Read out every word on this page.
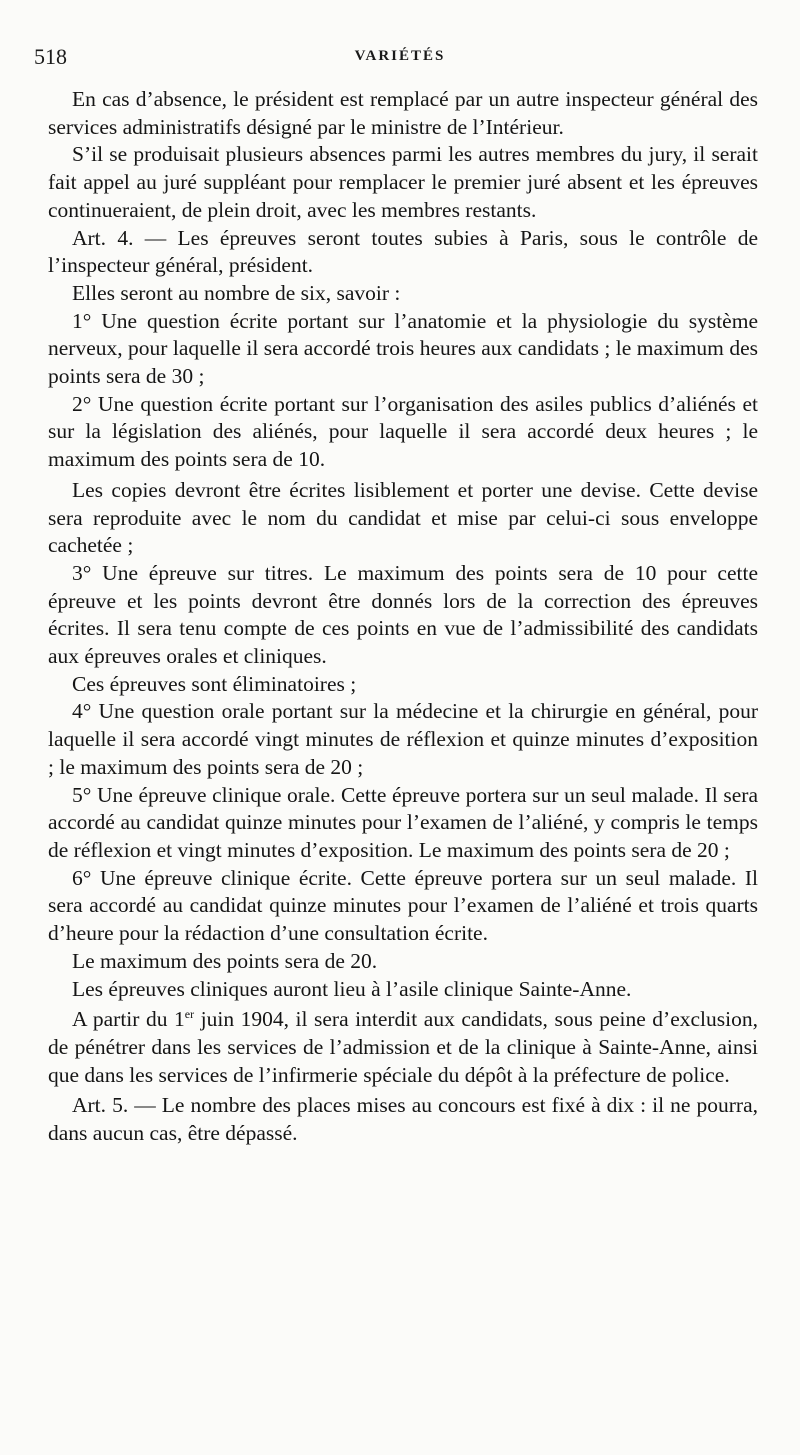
518	VARIÉTÉS

En cas d’absence, le président est remplacé par un autre inspecteur général des services administratifs désigné par le ministre de l’Intérieur.

S’il se produisait plusieurs absences parmi les autres membres du jury, il serait fait appel au juré suppléant pour remplacer le premier juré absent et les épreuves continueraient, de plein droit, avec les membres restants.

Art. 4. — Les épreuves seront toutes subies à Paris, sous le contrôle de l’inspecteur général, président.

Elles seront au nombre de six, savoir :

1° Une question écrite portant sur l’anatomie et la physiologie du système nerveux, pour laquelle il sera accordé trois heures aux candidats ; le maximum des points sera de 30 ;

2° Une question écrite portant sur l’organisation des asiles publics d’aliénés et sur la législation des aliénés, pour laquelle il sera accordé deux heures ; le maximum des points sera de 10.

Les copies devront être écrites lisiblement et porter une devise. Cette devise sera reproduite avec le nom du candidat et mise par celui-ci sous enveloppe cachetée ;

3° Une épreuve sur titres. Le maximum des points sera de 10 pour cette épreuve et les points devront être donnés lors de la correction des épreuves écrites. Il sera tenu compte de ces points en vue de l’admissibilité des candidats aux épreuves orales et cliniques.

Ces épreuves sont éliminatoires ;

4° Une question orale portant sur la médecine et la chirurgie en général, pour laquelle il sera accordé vingt minutes de réflexion et quinze minutes d’exposition ; le maximum des points sera de 20 ;

5° Une épreuve clinique orale. Cette épreuve portera sur un seul malade. Il sera accordé au candidat quinze minutes pour l’examen de l’aliéné, y compris le temps de réflexion et vingt minutes d’exposition. Le maximum des points sera de 20 ;

6° Une épreuve clinique écrite. Cette épreuve portera sur un seul malade. Il sera accordé au candidat quinze minutes pour l’examen de l’aliéné et trois quarts d’heure pour la rédaction d’une consultation écrite.

Le maximum des points sera de 20.

Les épreuves cliniques auront lieu à l’asile clinique Sainte-Anne.

A partir du 1er juin 1904, il sera interdit aux candidats, sous peine d’exclusion, de pénétrer dans les services de l’admission et de la clinique à Sainte-Anne, ainsi que dans les services de l’infirmerie spéciale du dépôt à la préfecture de police.

Art. 5. — Le nombre des places mises au concours est fixé à dix : il ne pourra, dans aucun cas, être dépassé.
